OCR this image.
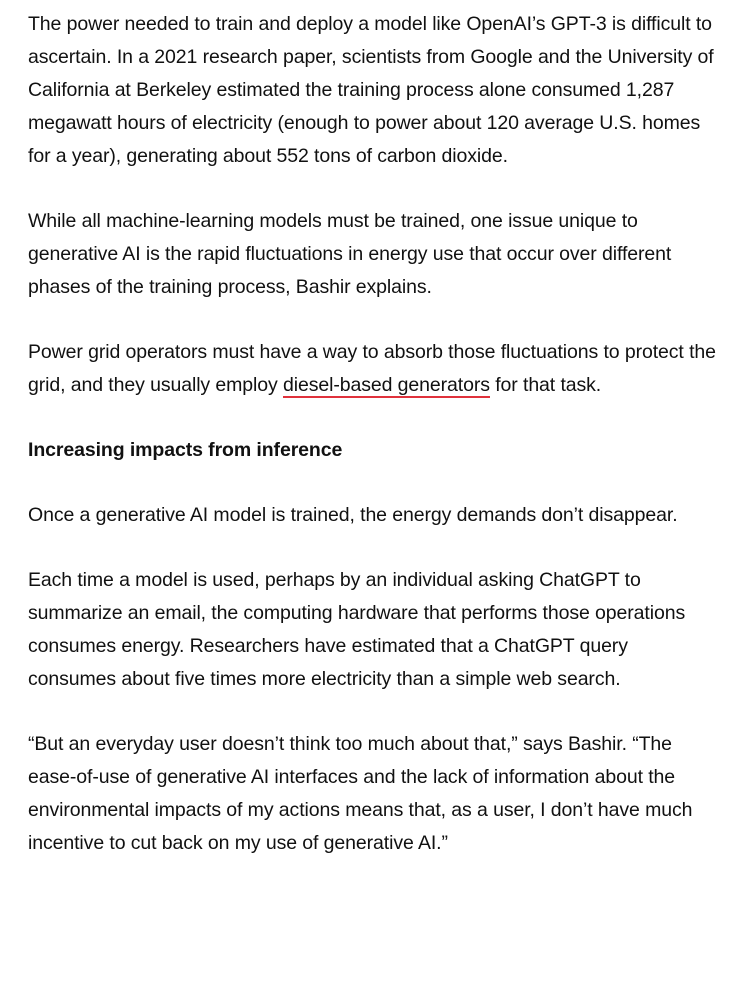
The power needed to train and deploy a model like OpenAI’s GPT-3 is difficult to ascertain. In a 2021 research paper, scientists from Google and the University of California at Berkeley estimated the training process alone consumed 1,287 megawatt hours of electricity (enough to power about 120 average U.S. homes for a year), generating about 552 tons of carbon dioxide.

While all machine-learning models must be trained, one issue unique to generative AI is the rapid fluctuations in energy use that occur over different phases of the training process, Bashir explains.

Power grid operators must have a way to absorb those fluctuations to protect the grid, and they usually employ diesel-based generators for that task.

Increasing impacts from inference

Once a generative AI model is trained, the energy demands don’t disappear.

Each time a model is used, perhaps by an individual asking ChatGPT to summarize an email, the computing hardware that performs those operations consumes energy. Researchers have estimated that a ChatGPT query consumes about five times more electricity than a simple web search.

“But an everyday user doesn’t think too much about that,” says Bashir. “The ease-of-use of generative AI interfaces and the lack of information about the environmental impacts of my actions means that, as a user, I don’t have much incentive to cut back on my use of generative AI.”
